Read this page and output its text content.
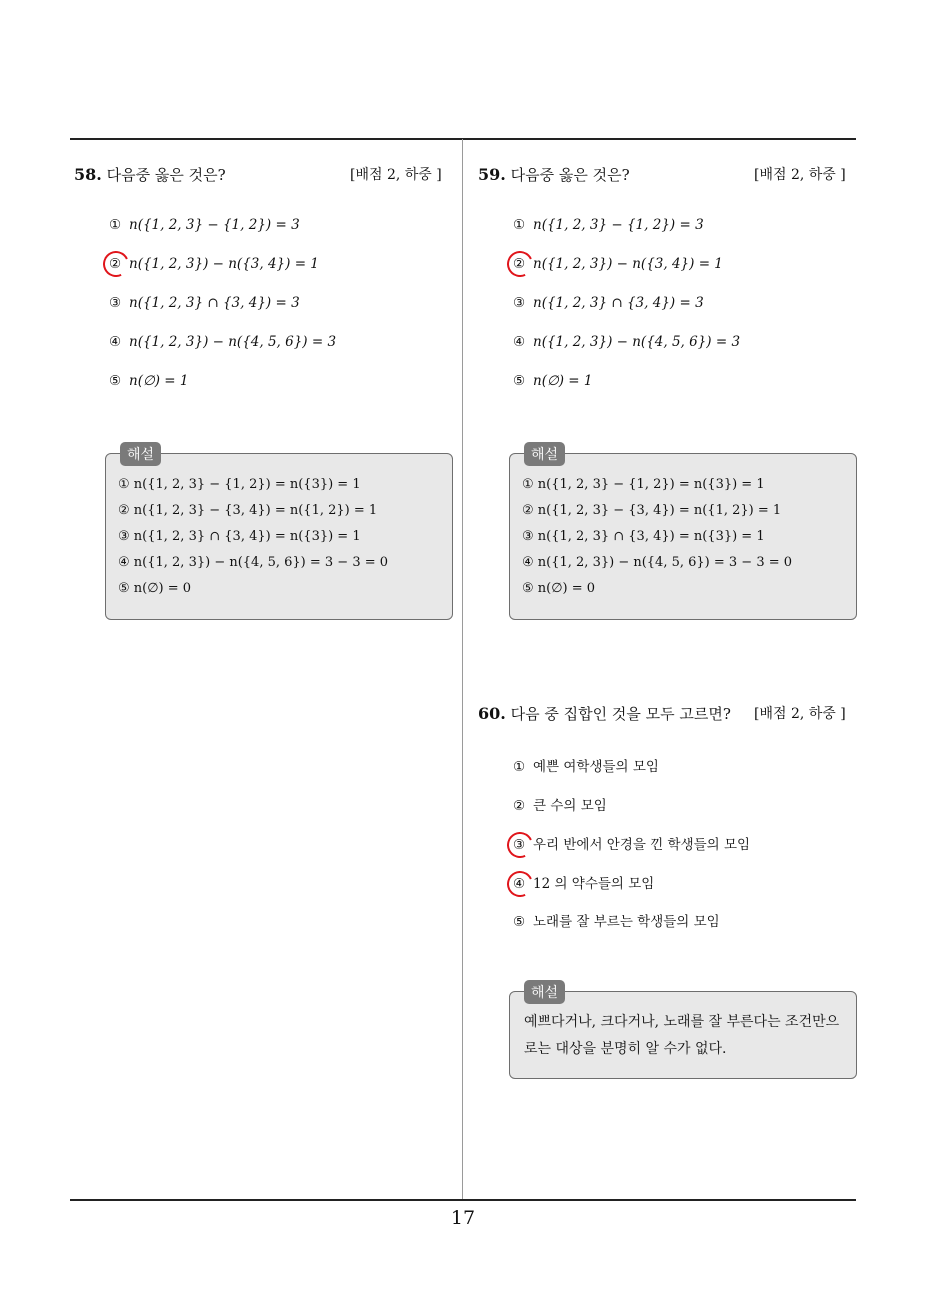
58. 다음중 옳은 것은?	[배점 2, 하중 ]
① n({1, 2, 3} − {1, 2}) = 3
② n({1, 2, 3}) − n({3, 4}) = 1
③ n({1, 2, 3} ∩ {3, 4}) = 3
④ n({1, 2, 3}) − n({4, 5, 6}) = 3
⑤ n(∅) = 1
해설
① n({1, 2, 3} − {1, 2}) = n({3}) = 1
② n({1, 2, 3} − {3, 4}) = n({1, 2}) = 1
③ n({1, 2, 3} ∩ {3, 4}) = n({3}) = 1
④ n({1, 2, 3}) − n({4, 5, 6}) = 3 − 3 = 0
⑤ n(∅) = 0
59. 다음중 옳은 것은?	[배점 2, 하중 ]
① n({1, 2, 3} − {1, 2}) = 3
② n({1, 2, 3}) − n({3, 4}) = 1
③ n({1, 2, 3} ∩ {3, 4}) = 3
④ n({1, 2, 3}) − n({4, 5, 6}) = 3
⑤ n(∅) = 1
해설
① n({1, 2, 3} − {1, 2}) = n({3}) = 1
② n({1, 2, 3} − {3, 4}) = n({1, 2}) = 1
③ n({1, 2, 3} ∩ {3, 4}) = n({3}) = 1
④ n({1, 2, 3}) − n({4, 5, 6}) = 3 − 3 = 0
⑤ n(∅) = 0
60. 다음 중 집합인 것을 모두 고르면? [배점 2, 하중 ]
① 예쁜 여학생들의 모임
② 큰 수의 모임
③ 우리 반에서 안경을 낀 학생들의 모임
④ 12 의 약수들의 모임
⑤ 노래를 잘 부르는 학생들의 모임
해설
예쁘다거나, 크다거나, 노래를 잘 부른다는 조건만으로는 대상을 분명히 알 수가 없다.
17
